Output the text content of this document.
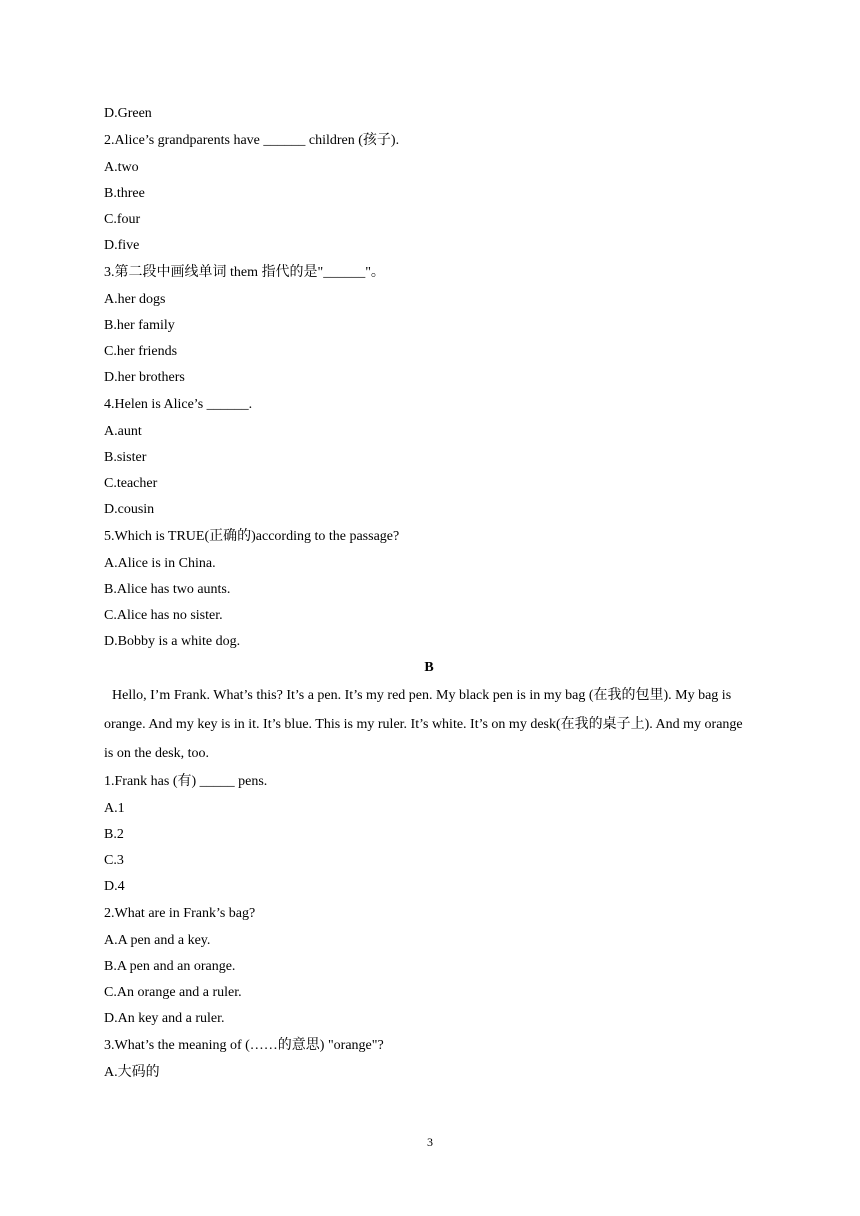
D.Green
2.Alice’s grandparents have ______ children (孩子).
A.two
B.three
C.four
D.five
3.第二段中画线单词 them 指代的是"______"。
A.her dogs
B.her family
C.her friends
D.her brothers
4.Helen is Alice’s ______.
A.aunt
B.sister
C.teacher
D.cousin
5.Which is TRUE(正确的)according to the passage?
A.Alice is in China.
B.Alice has two aunts.
C.Alice has no sister.
D.Bobby is a white dog.
B

Hello, I’m Frank. What’s this? It’s a pen. It’s my red pen. My black pen is in my bag (在我的包里). My bag is orange. And my key is in it. It’s blue. This is my ruler. It’s white. It’s on my desk(在我的桌子上). And my orange is on the desk, too.

1.Frank has (有) _____ pens.
A.1
B.2
C.3
D.4
2.What are in Frank’s bag?
A.A pen and a key.
B.A pen and an orange.
C.An orange and a ruler.
D.An key and a ruler.
3.What’s the meaning of (……的意思) "orange"?
A.大码的
3
